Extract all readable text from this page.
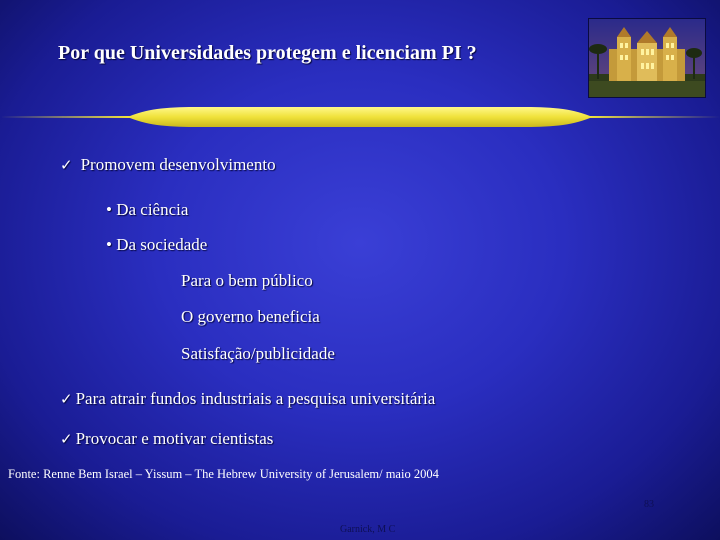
Por que Universidades protegem e licenciam PI ?
✓ Promovem desenvolvimento
• Da ciência
• Da sociedade
Para o bem público
O governo beneficia
Satisfação/publicidade
✓ Para atrair fundos industriais a pesquisa universitária
✓ Provocar e motivar cientistas
Fonte: Renne Bem Israel – Yissum – The Hebrew University of Jerusalem/ maio 2004
83
Garnick, M C
